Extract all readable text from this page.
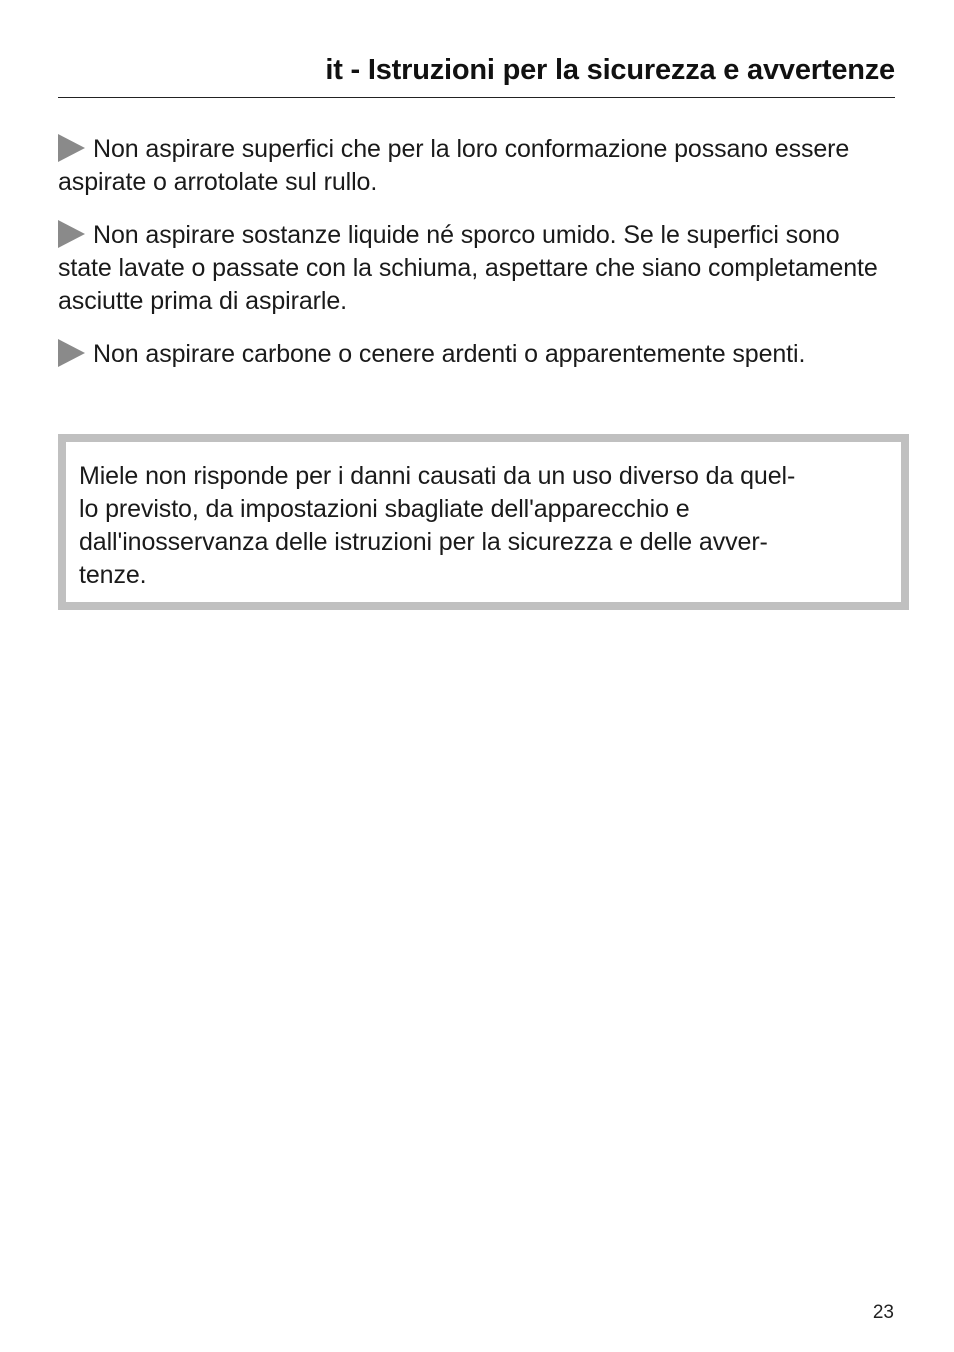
it - Istruzioni per la sicurezza e avvertenze

Non aspirare superfici che per la loro conformazione possano essere aspirate o arrotolate sul rullo.

Non aspirare sostanze liquide né sporco umido. Se le superfici sono state lavate o passate con la schiuma, aspettare che siano completamente asciutte prima di aspirarle.

Non aspirare carbone o cenere ardenti o apparentemente spenti.

Miele non risponde per i danni causati da un uso diverso da quel-
lo previsto, da impostazioni sbagliate dell'apparecchio e
dall'inosservanza delle istruzioni per la sicurezza e delle avver-
tenze.
23
